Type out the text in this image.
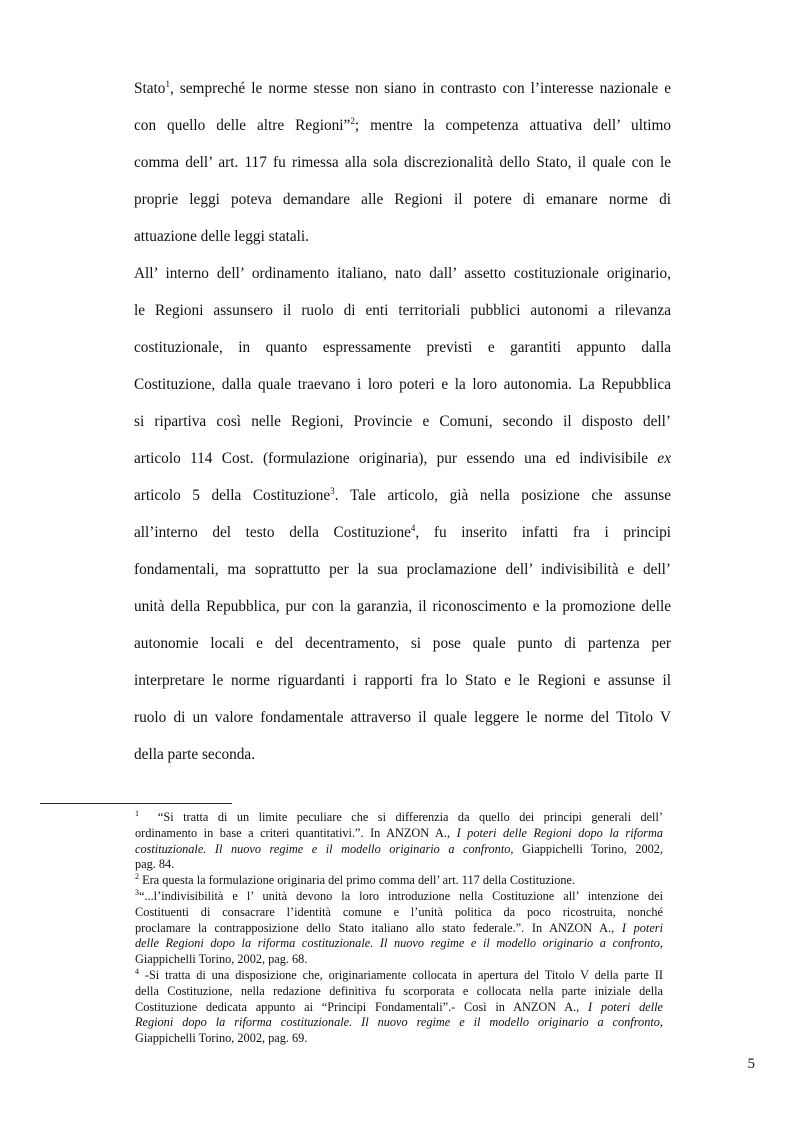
Stato$^1$, sempreché le norme stesse non siano in contrasto con l’interesse nazionale e
con quello delle altre Regioni”$^2$; mentre la competenza attuativa dell’ ultimo
comma dell’ art. 117 fu rimessa alla sola discrezionalità dello Stato, il quale con le
proprie leggi poteva demandare alle Regioni il potere di emanare norme di
attuazione delle leggi statali.
All’ interno dell’ ordinamento italiano, nato dall’ assetto costituzionale originario,
le Regioni assunsero il ruolo di enti territoriali pubblici autonomi a rilevanza
costituzionale, in quanto espressamente previsti e garantiti appunto dalla
Costituzione, dalla quale traevano i loro poteri e la loro autonomia. La Repubblica
si ripartiva così nelle Regioni, Provincie e Comuni, secondo il disposto dell’
articolo 114 Cost. (formulazione originaria), pur essendo una ed indivisibile ex
articolo 5 della Costituzione$^3$. Tale articolo, già nella posizione che assunse
all’interno del testo della Costituzione$^4$, fu inserito infatti fra i principi
fondamentali, ma soprattutto per la sua proclamazione dell’ indivisibilità e dell’
unità della Repubblica, pur con la garanzia, il riconoscimento e la promozione delle
autonomie locali e del decentramento, si pose quale punto di partenza per
interpretare le norme riguardanti i rapporti fra lo Stato e le Regioni e assunse il
ruolo di un valore fondamentale attraverso il quale leggere le norme del Titolo V
della parte seconda.
$^1$ “Si tratta di un limite peculiare che si differenzia da quello dei principi generali dell’
ordinamento in base a criteri quantitativi.”. In ANZON A., I poteri delle Regioni dopo la riforma
costituzionale. Il nuovo regime e il modello originario a confronto, Giappichelli Torino, 2002,
pag. 84.
$^2$ Era questa la formulazione originaria del primo comma dell’ art. 117 della Costituzione.
$^3$“...l’indivisibilità e l’ unità devono la loro introduzione nella Costituzione all’ intenzione dei
Costituenti di consacrare l’identità comune e l’unità politica da poco ricostruita, nonché
proclamare la contrapposizione dello Stato italiano allo stato federale.”. In ANZON A., I poteri
delle Regioni dopo la riforma costituzionale. Il nuovo regime e il modello originario a confronto,
Giappichelli Torino, 2002, pag. 68.
$^4$ -Si tratta di una disposizione che, originariamente collocata in apertura del Titolo V della parte II
della Costituzione, nella redazione definitiva fu scorporata e collocata nella parte iniziale della
Costituzione dedicata appunto ai “Principi Fondamentali”.- Così in ANZON A., I poteri delle
Regioni dopo la riforma costituzionale. Il nuovo regime e il modello originario a confronto,
Giappichelli Torino, 2002, pag. 69.
5
